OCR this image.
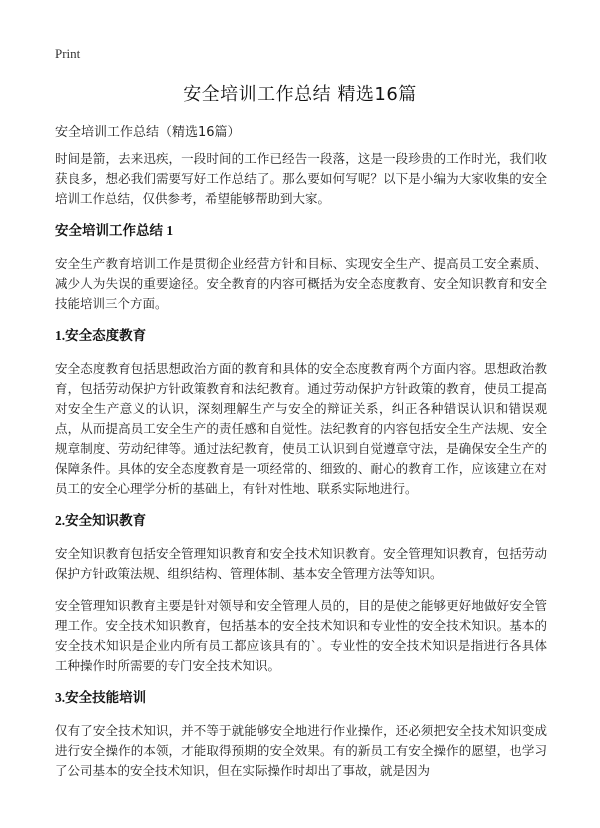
Print
安全培训工作总结 精选16篇

安全培训工作总结（精选16篇）

时间是箭，去来迅疾，一段时间的工作已经告一段落，这是一段珍贵的工作时光，我们收获良多，想必我们需要写好工作总结了。那么要如何写呢？以下是小编为大家收集的安全培训工作总结，仅供参考，希望能够帮助到大家。

安全培训工作总结 1

安全生产教育培训工作是贯彻企业经营方针和目标、实现安全生产、提高员工安全素质、减少人为失误的重要途径。安全教育的内容可概括为安全态度教育、安全知识教育和安全技能培训三个方面。

1.安全态度教育

安全态度教育包括思想政治方面的教育和具体的安全态度教育两个方面内容。思想政治教育，包括劳动保护方针政策教育和法纪教育。通过劳动保护方针政策的教育，使员工提高对安全生产意义的认识，深刻理解生产与安全的辩证关系，纠正各种错误认识和错误观点，从而提高员工安全生产的责任感和自觉性。法纪教育的内容包括安全生产法规、安全规章制度、劳动纪律等。通过法纪教育，使员工认识到自觉遵章守法，是确保安全生产的保障条件。具体的安全态度教育是一项经常的、细致的、耐心的教育工作，应该建立在对员工的安全心理学分析的基础上，有针对性地、联系实际地进行。

2.安全知识教育

安全知识教育包括安全管理知识教育和安全技术知识教育。安全管理知识教育，包括劳动保护方针政策法规、组织结构、管理体制、基本安全管理方法等知识。

安全管理知识教育主要是针对领导和安全管理人员的，目的是使之能够更好地做好安全管理工作。安全技术知识教育，包括基本的安全技术知识和专业性的安全技术知识。基本的安全技术知识是企业内所有员工都应该具有的`。专业性的安全技术知识是指进行各具体工种操作时所需要的专门安全技术知识。

3.安全技能培训

仅有了安全技术知识，并不等于就能够安全地进行作业操作，还必须把安全技术知识变成进行安全操作的本领，才能取得预期的安全效果。有的新员工有安全操作的愿望，也学习了公司基本的安全技术知识，但在实际操作时却出了事故，就是因为
